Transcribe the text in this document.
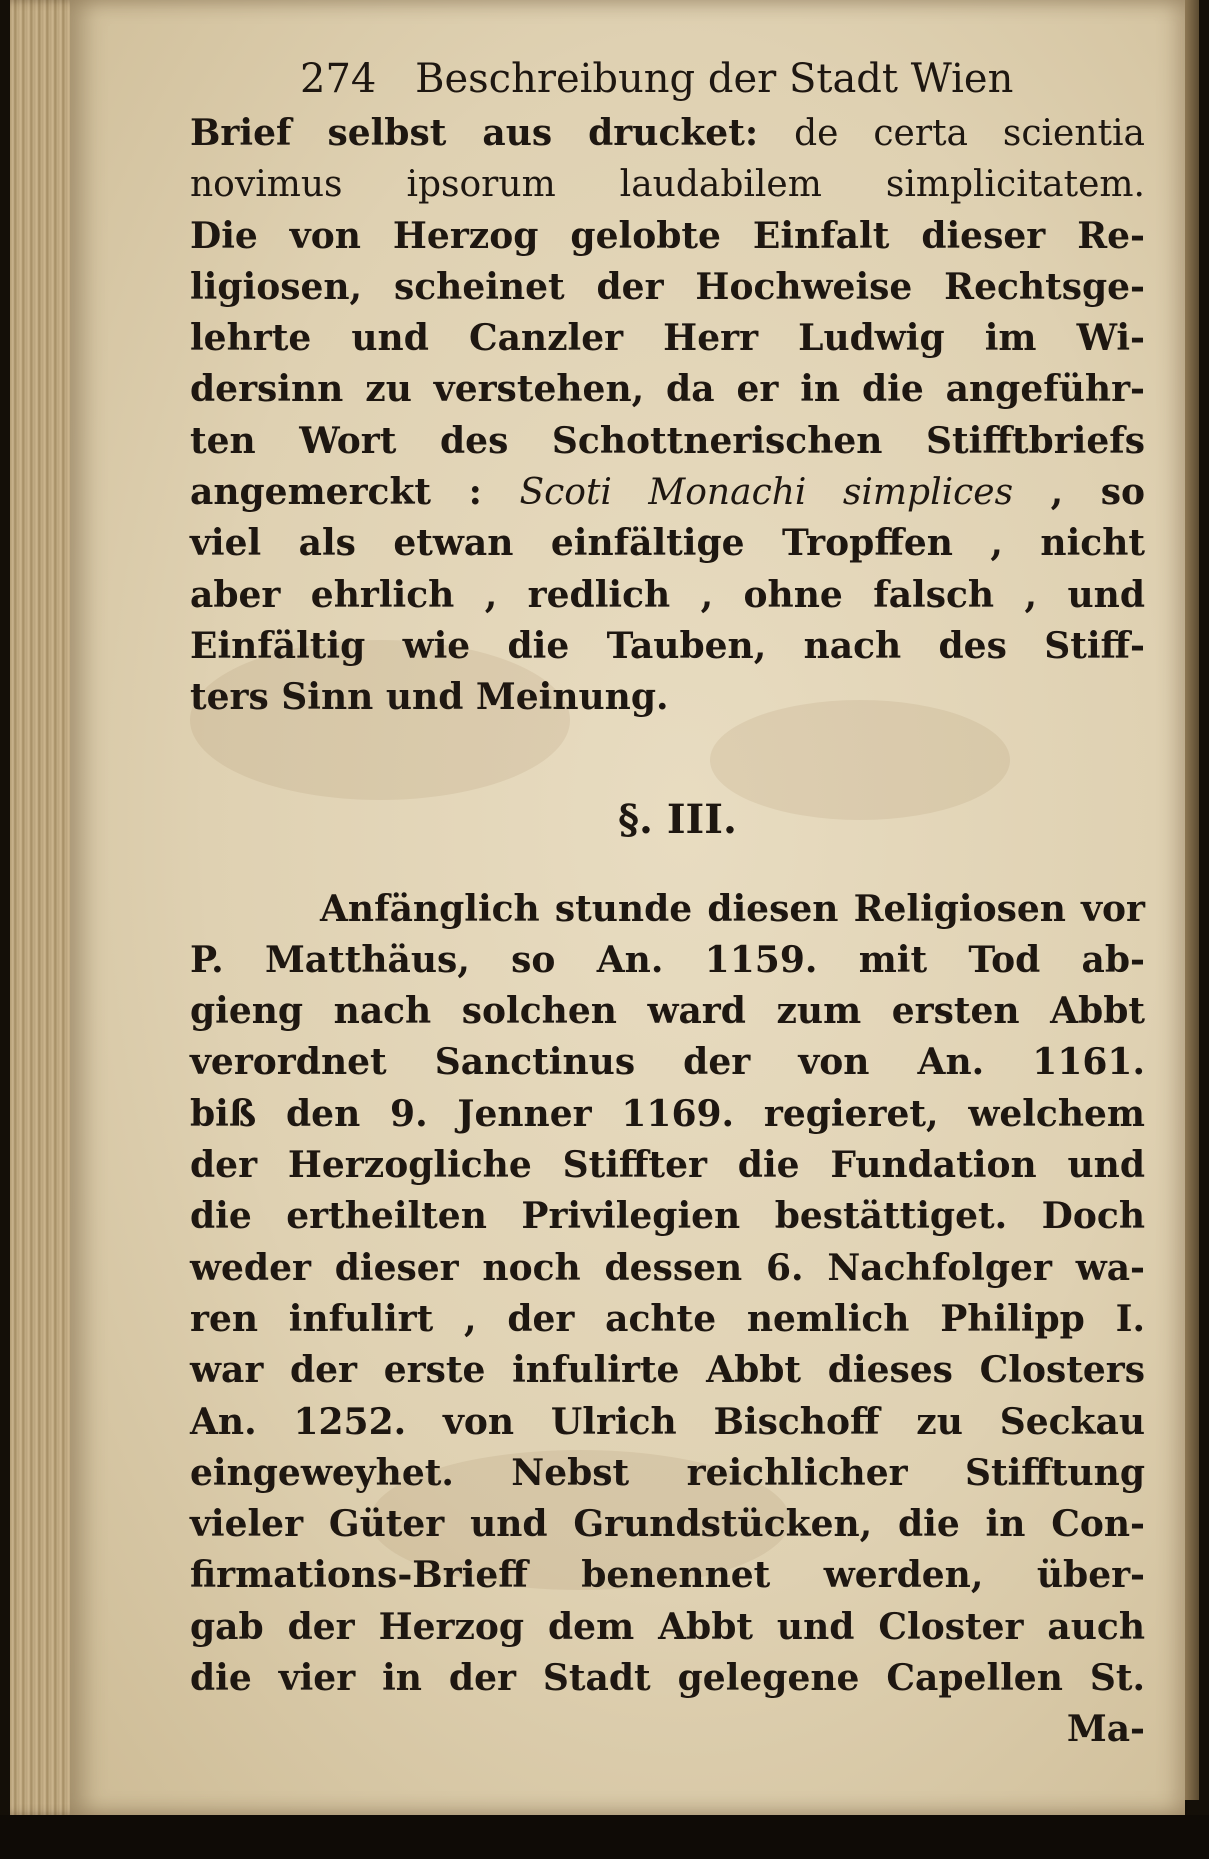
274 Beschreibung der Stadt Wien
Brief selbst aus drucket: de certa scientia
novimus ipsorum laudabilem simplicitatem.
Die von Herzog gelobte Einfalt dieser Re-
ligiosen, scheinet der Hochweise Rechtsge-
lehrte und Canzler Herr Ludwig im Wi-
dersinn zu verstehen, da er in die angeführ-
ten Wort des Schottnerischen Stifftbriefs
angemerckt : Scoti Monachi simplices , so
viel als etwan einfältige Tropffen , nicht
aber ehrlich , redlich , ohne falsch , und
Einfältig wie die Tauben, nach des Stiff-
ters Sinn und Meinung.
§. III.
Anfänglich stunde diesen Religiosen vor
P. Matthäus, so An. 1159. mit Tod ab-
gieng nach solchen ward zum ersten Abbt
verordnet Sanctinus der von An. 1161.
biß den 9. Jenner 1169. regieret, welchem
der Herzogliche Stiffter die Fundation und
die ertheilten Privilegien bestättiget. Doch
weder dieser noch dessen 6. Nachfolger wa-
ren infulirt , der achte nemlich Philipp I.
war der erste infulirte Abbt dieses Closters
An. 1252. von Ulrich Bischoff zu Seckau
eingeweyhet. Nebst reichlicher Stifftung
vieler Güter und Grundstücken, die in Con-
firmations-Brieff benennet werden, über-
gab der Herzog dem Abbt und Closter auch
die vier in der Stadt gelegene Capellen St.
Ma-
